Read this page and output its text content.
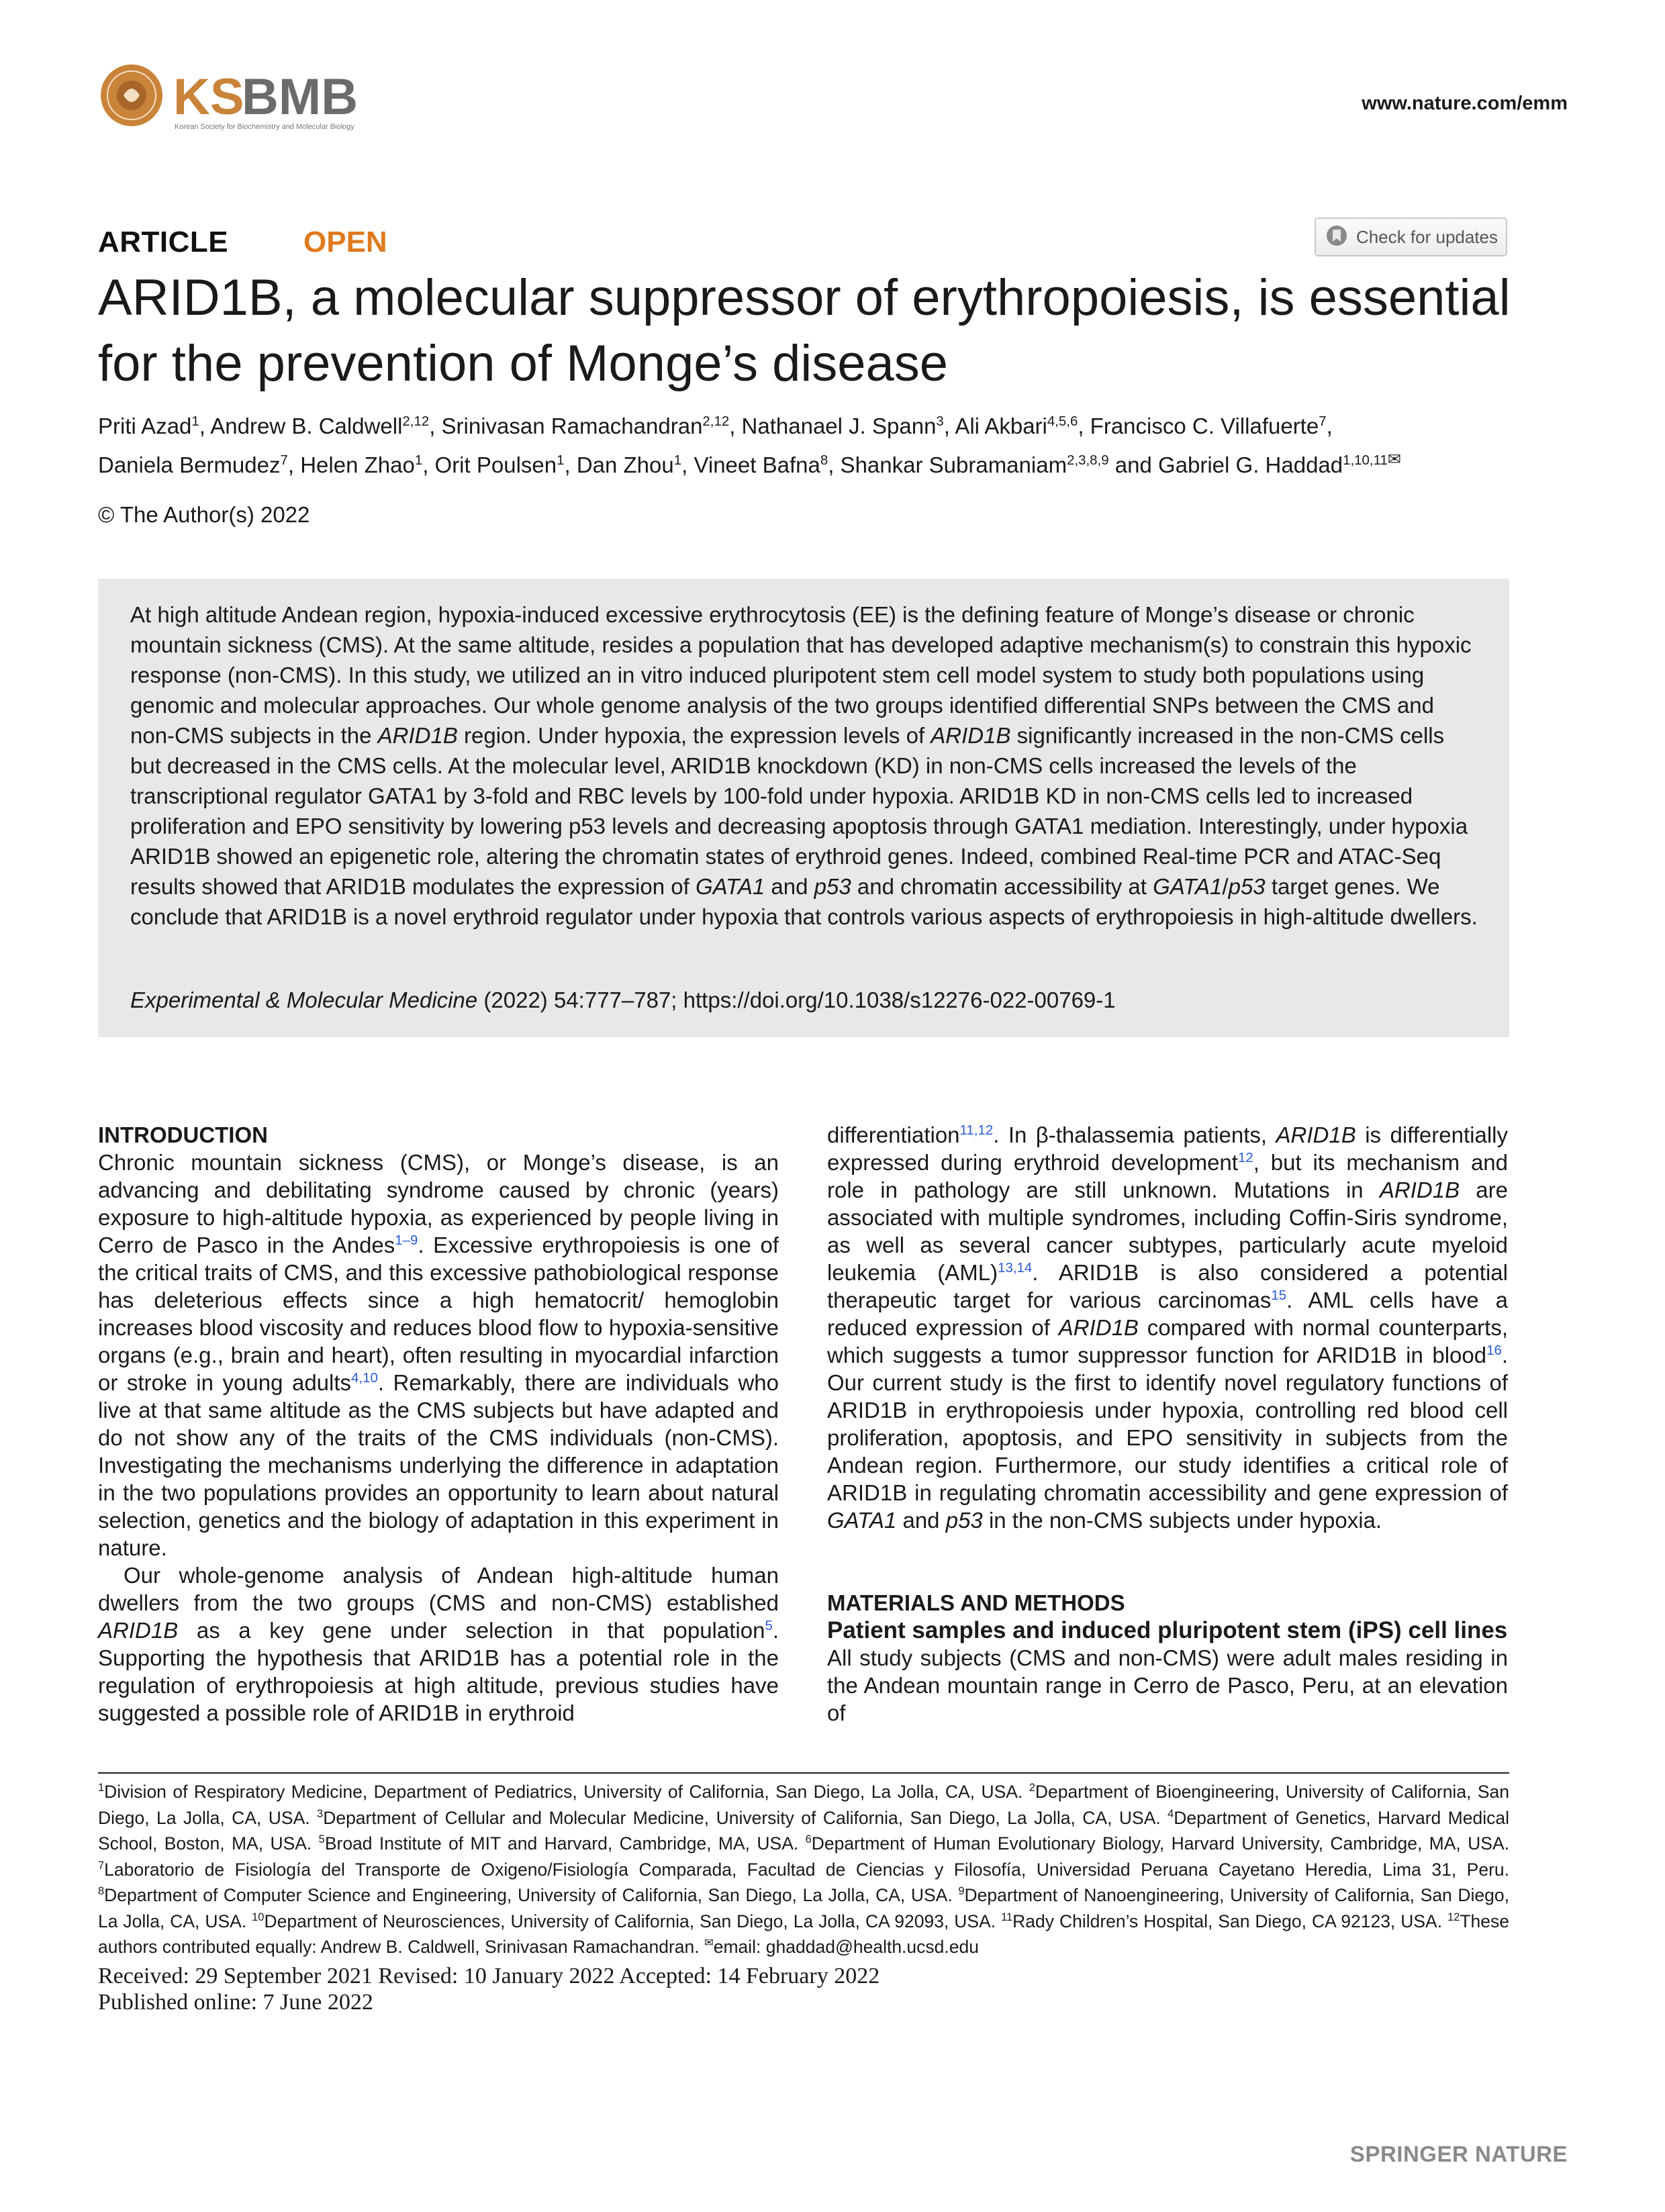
KS
BMB
Korean Society for Biochemistry and Molecular Biology
www.nature.com/emm
ARTICLE	OPEN	Check for updates
ARID1B, a molecular suppressor of erythropoiesis, is essential for the prevention of Monge’s disease
Priti Azad$^1$, Andrew B. Caldwell$^{2,12}$, Srinivasan Ramachandran$^{2,12}$, Nathanael J. Spann$^3$, Ali Akbari$^{4,5,6}$, Francisco C. Villafuerte$^7$,
Daniela Bermudez$^7$, Helen Zhao$^1$, Orit Poulsen$^1$, Dan Zhou$^1$, Vineet Bafna$^8$, Shankar Subramaniam$^{2,3,8,9}$ and Gabriel G. Haddad$^{1,10,11✉}$
© The Author(s) 2022
At high altitude Andean region, hypoxia-induced excessive erythrocytosis (EE) is the defining feature of Monge’s disease or chronic mountain sickness (CMS). At the same altitude, resides a population that has developed adaptive mechanism(s) to constrain this hypoxic response (non-CMS). In this study, we utilized an in vitro induced pluripotent stem cell model system to study both populations using genomic and molecular approaches. Our whole genome analysis of the two groups identified differential SNPs between the CMS and non-CMS subjects in the ARID1B region. Under hypoxia, the expression levels of ARID1B significantly increased in the non-CMS cells but decreased in the CMS cells. At the molecular level, ARID1B knockdown (KD) in non-CMS cells increased the levels of the transcriptional regulator GATA1 by 3-fold and RBC levels by 100-fold under hypoxia. ARID1B KD in non-CMS cells led to increased proliferation and EPO sensitivity by lowering p53 levels and decreasing apoptosis through GATA1 mediation. Interestingly, under hypoxia ARID1B showed an epigenetic role, altering the chromatin states of erythroid genes. Indeed, combined Real-time PCR and ATAC-Seq results showed that ARID1B modulates the expression of GATA1 and p53 and chromatin accessibility at GATA1/p53 target genes. We conclude that ARID1B is a novel erythroid regulator under hypoxia that controls various aspects of erythropoiesis in high-altitude dwellers.
Experimental & Molecular Medicine (2022) 54:777–787; https://doi.org/10.1038/s12276-022-00769-1
INTRODUCTION

Chronic mountain sickness (CMS), or Monge’s disease, is an advancing and debilitating syndrome caused by chronic (years) exposure to high-altitude hypoxia, as experienced by people living in Cerro de Pasco in the Andes$^{1-9}$. Excessive erythropoiesis is one of the critical traits of CMS, and this excessive pathobiological response has deleterious effects since a high hematocrit/ hemoglobin increases blood viscosity and reduces blood flow to hypoxia-sensitive organs (e.g., brain and heart), often resulting in myocardial infarction or stroke in young adults$^{4,10}$. Remarkably, there are individuals who live at that same altitude as the CMS subjects but have adapted and do not show any of the traits of the CMS individuals (non-CMS). Investigating the mechanisms underlying the difference in adaptation in the two populations provides an opportunity to learn about natural selection, genetics and the biology of adaptation in this experiment in nature.

Our whole-genome analysis of Andean high-altitude human dwellers from the two groups (CMS and non-CMS) established ARID1B as a key gene under selection in that population$^5$. Supporting the hypothesis that ARID1B has a potential role in the regulation of erythropoiesis at high altitude, previous studies have suggested a possible role of ARID1B in erythroid

differentiation$^{11,12}$. In β-thalassemia patients, ARID1B is differentially expressed during erythroid development$^{12}$, but its mechanism and role in pathology are still unknown. Mutations in ARID1B are associated with multiple syndromes, including Coffin-Siris syndrome, as well as several cancer subtypes, particularly acute myeloid leukemia (AML)$^{13,14}$. ARID1B is also considered a potential therapeutic target for various carcinomas$^{15}$. AML cells have a reduced expression of ARID1B compared with normal counterparts, which suggests a tumor suppressor function for ARID1B in blood$^{16}$. Our current study is the first to identify novel regulatory functions of ARID1B in erythropoiesis under hypoxia, controlling red blood cell proliferation, apoptosis, and EPO sensitivity in subjects from the Andean region. Furthermore, our study identifies a critical role of ARID1B in regulating chromatin accessibility and gene expression of GATA1 and p53 in the non-CMS subjects under hypoxia.

MATERIALS AND METHODS
Patient samples and induced pluripotent stem (iPS) cell lines

All study subjects (CMS and non-CMS) were adult males residing in the Andean mountain range in Cerro de Pasco, Peru, at an elevation of

$^1$Division of Respiratory Medicine, Department of Pediatrics, University of California, San Diego, La Jolla, CA, USA. $^2$Department of Bioengineering, University of California, San Diego, La Jolla, CA, USA. $^3$Department of Cellular and Molecular Medicine, University of California, San Diego, La Jolla, CA, USA. $^4$Department of Genetics, Harvard Medical School, Boston, MA, USA. $^5$Broad Institute of MIT and Harvard, Cambridge, MA, USA. $^6$Department of Human Evolutionary Biology, Harvard University, Cambridge, MA, USA. $^7$Laboratorio de Fisiología del Transporte de Oxigeno/Fisiología Comparada, Facultad de Ciencias y Filosofía, Universidad Peruana Cayetano Heredia, Lima 31, Peru. $^8$Department of Computer Science and Engineering, University of California, San Diego, La Jolla, CA, USA. $^9$Department of Nanoengineering, University of California, San Diego, La Jolla, CA, USA. $^{10}$Department of Neurosciences, University of California, San Diego, La Jolla, CA 92093, USA. $^{11}$Rady Children’s Hospital, San Diego, CA 92123, USA. $^{12}$These authors contributed equally: Andrew B. Caldwell, Srinivasan Ramachandran. ✉email: ghaddad@health.ucsd.edu
Received: 29 September 2021 Revised: 10 January 2022 Accepted: 14 February 2022
Published online: 7 June 2022
SPRINGER NATURE
